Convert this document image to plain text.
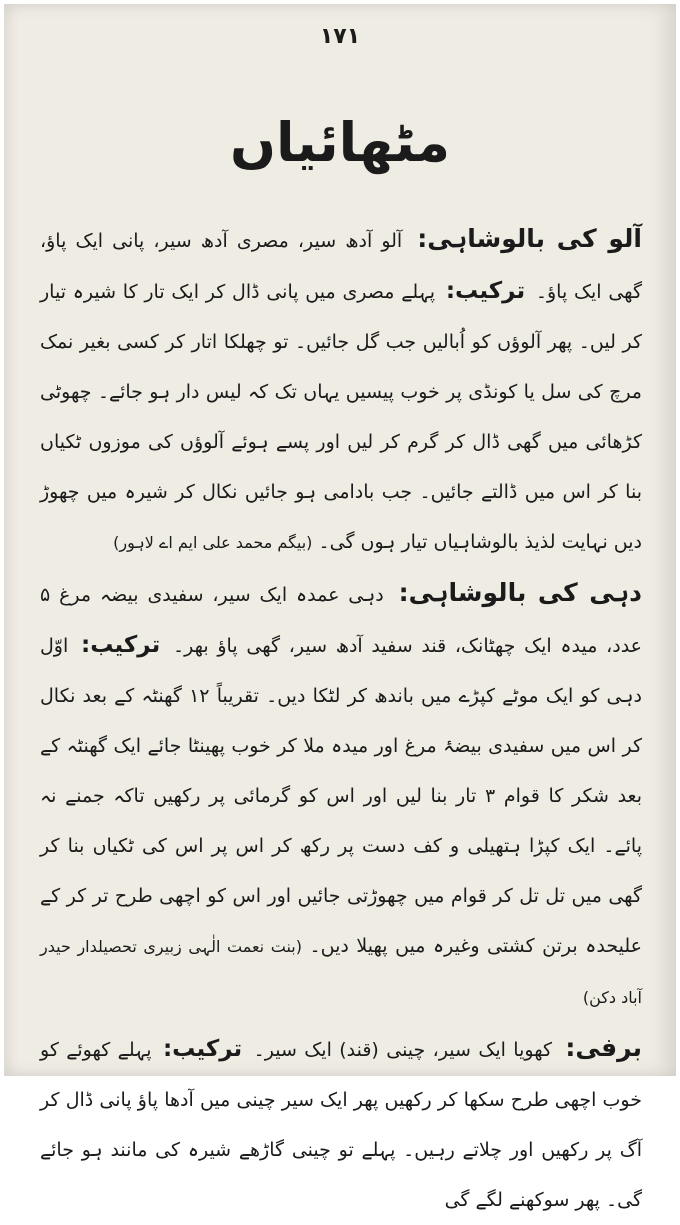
۱۷۱
مٹھائیاں

آلو کی بالوشاہی: آلو آدھ سیر، مصری آدھ سیر، پانی ایک پاؤ، گھی ایک پاؤ۔ ترکیب: پہلے مصری میں پانی ڈال کر ایک تار کا شیرہ تیار کر لیں۔ پھر آلوؤں کو اُبالیں جب گل جائیں۔ تو چھلکا اتار کر کسی بغیر نمک مرچ کی سل یا کونڈی پر خوب پیسیں یہاں تک کہ لیس دار ہو جائے۔ چھوٹی کڑھائی میں گھی ڈال کر گرم کر لیں اور پسے ہوئے آلوؤں کی موزوں ٹکیاں بنا کر اس میں ڈالتے جائیں۔ جب بادامی ہو جائیں نکال کر شیرہ میں چھوڑ دیں نہایت لذیذ بالوشاہیاں تیار ہوں گی۔ (بیگم محمد علی ایم اے لاہور)

دہی کی بالوشاہی: دہی عمدہ ایک سیر، سفیدی بیضہ مرغ ۵ عدد، میدہ ایک چھٹانک، قند سفید آدھ سیر، گھی پاؤ بھر۔ ترکیب: اوّل دہی کو ایک موٹے کپڑے میں باندھ کر لٹکا دیں۔ تقریباً ۱۲ گھنٹہ کے بعد نکال کر اس میں سفیدی بیضۂ مرغ اور میدہ ملا کر خوب پھینٹا جائے ایک گھنٹہ کے بعد شکر کا قوام ۳ تار بنا لیں اور اس کو گرمائی پر رکھیں تاکہ جمنے نہ پائے۔ ایک کپڑا ہتھیلی و کف دست پر رکھ کر اس پر اس کی ٹکیاں بنا کر گھی میں تل تل کر قوام میں چھوڑتی جائیں اور اس کو اچھی طرح تر کر کے علیحدہ برتن کشتی وغیرہ میں پھیلا دیں۔ (بنت نعمت الٰہی زبیری تحصیلدار حیدر آباد دکن)

برفی: کھویا ایک سیر، چینی (قند) ایک سیر۔ ترکیب: پہلے کھوئے کو خوب اچھی طرح سکھا کر رکھیں پھر ایک سیر چینی میں آدھا پاؤ پانی ڈال کر آگ پر رکھیں اور چلاتے رہیں۔ پہلے تو چینی گاڑھے شیرہ کی مانند ہو جائے گی۔ پھر سوکھنے لگے گی
